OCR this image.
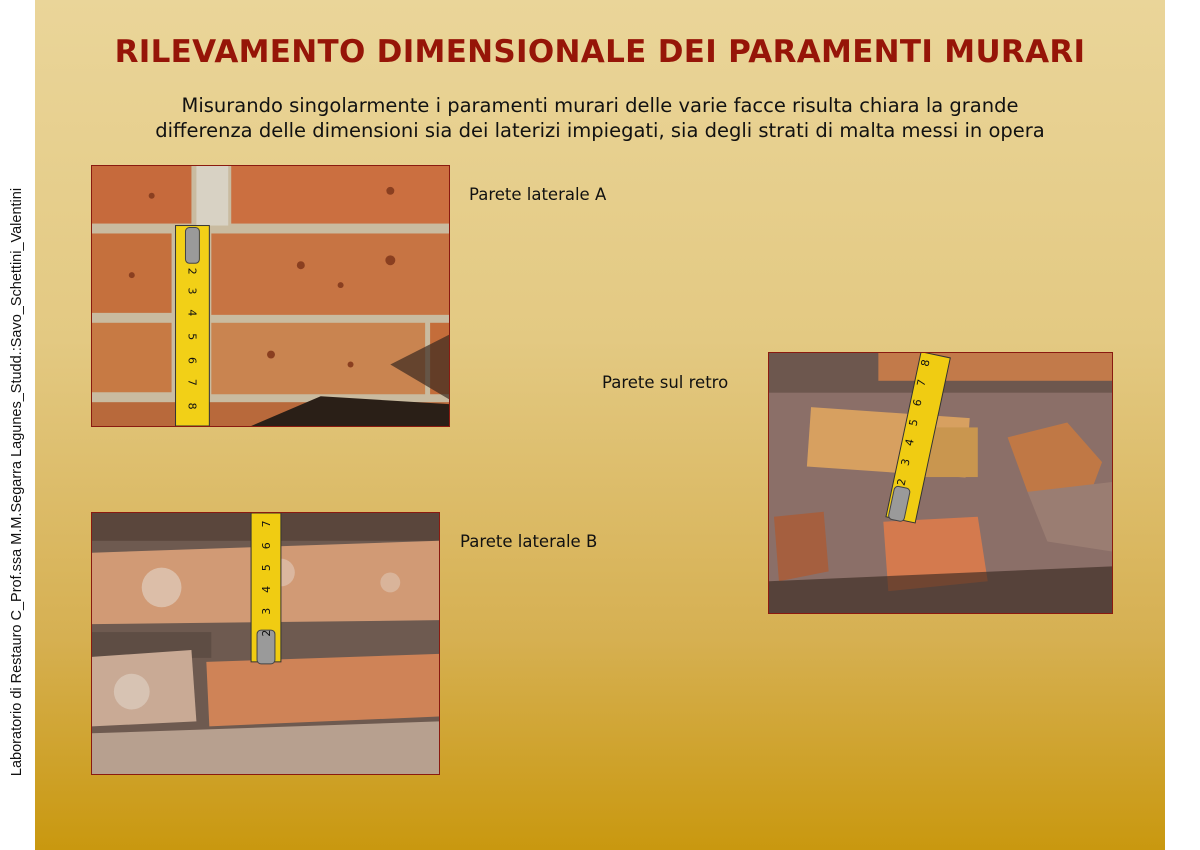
Laboratorio di Restauro C_Prof.ssa M.M.Segarra Lagunes_Studd.:Savo_Schettini_Valentini
RILEVAMENTO DIMENSIONALE DEI PARAMENTI MURARI
Misurando singolarmente i paramenti murari delle varie facce risulta chiara la grande
differenza delle dimensioni sia dei laterizi impiegati, sia degli strati di malta messi in opera
2
3
4
5
6
7
8
Parete laterale A
8
7
6
5
4
3
2
Parete sul retro
7
6
5
4
3
2
Parete laterale B
